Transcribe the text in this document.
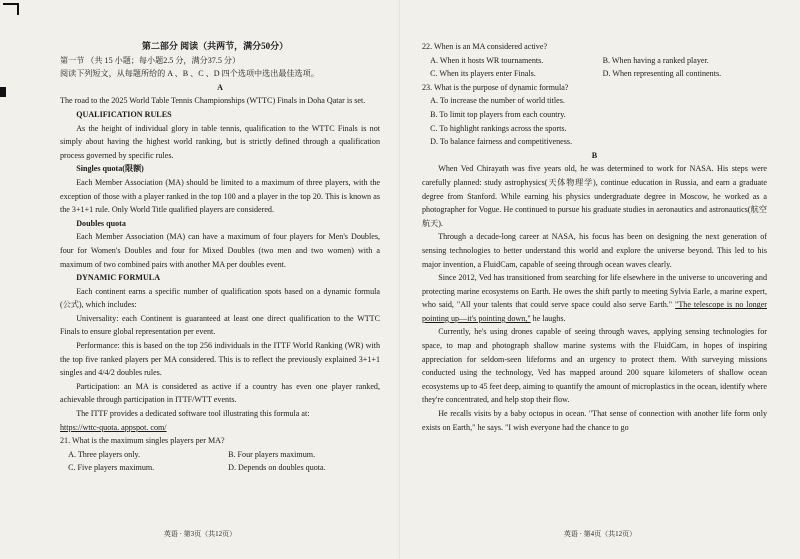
第二部分 阅读（共两节，满分50分）

第一节 （共 15 小题；每小题2.5 分，满分37.5 分）

阅读下列短文，从每题所给的 A 、B 、C 、D 四个选项中选出最佳选项。

A

The road to the 2025 World Table Tennis Championships (WTTC) Finals in Doha Qatar is set.

QUALIFICATION RULES

As the height of individual glory in table tennis, qualification to the WTTC Finals is not simply about having the highest world ranking, but is strictly defined through a qualification process governed by specific rules.

Singles quota(限额)

Each Member Association (MA) should be limited to a maximum of three players, with the exception of those with a player ranked in the top 100 and a player in the top 20. This is known as the 3+1+1 rule. Only World Title qualified players are considered.

Doubles quota

Each Member Association (MA) can have a maximum of four players for Men's Doubles, four for Women's Doubles and four for Mixed Doubles (two men and two women) with a maximum of two combined pairs with another MA per doubles event.

DYNAMIC FORMULA

Each continent earns a specific number of qualification spots based on a dynamic formula (公式), which includes:

Universality: each Continent is guaranteed at least one direct qualification to the WTTC Finals to ensure global representation per event.

Performance: this is based on the top 256 individuals in the ITTF World Ranking (WR) with the top five ranked players per MA considered. This is to reflect the previously explained 3+1+1 singles and 4/4/2 doubles rules.

Participation: an MA is considered as active if a country has even one player ranked, achievable through participation in ITTF/WTT events.

The ITTF provides a dedicated software tool illustrating this formula at:

https://wttc-quota. appspot. com/

21. What is the maximum singles players per MA?

A. Three players only.	B. Four players maximum.
C. Five players maximum.	D. Depends on doubles quota.
英语 · 第3页（共12页）

22. When is an MA considered active?

A. When it hosts WR tournaments.	B. When having a ranked player.
C. When its players enter Finals.	D. When representing all continents.

23. What is the purpose of dynamic formula?

A. To increase the number of world titles.

B. To limit top players from each country.

C. To highlight rankings across the sports.

D. To balance fairness and competitiveness.

B

When Ved Chirayath was five years old, he was determined to work for NASA. His steps were carefully planned: study astrophysics(天体物理学), continue education in Russia, and earn a graduate degree from Stanford. While earning his physics undergraduate degree in Moscow, he worked as a photographer for Vogue. He continued to pursue his graduate studies in aeronautics and astronautics(航空航天).

Through a decade-long career at NASA, his focus has been on designing the next generation of sensing technologies to better understand this world and explore the universe beyond. This led to his major invention, a FluidCam, capable of seeing through ocean waves clearly.

Since 2012, Ved has transitioned from searching for life elsewhere in the universe to uncovering and protecting marine ecosystems on Earth. He owes the shift partly to meeting Sylvia Earle, a marine expert, who said, "All your talents that could serve space could also serve Earth." "The telescope is no longer pointing up—it's pointing down," he laughs.

Currently, he's using drones capable of seeing through waves, applying sensing technologies for space, to map and photograph shallow marine systems with the FluidCam, in hopes of inspiring appreciation for seldom-seen lifeforms and an urgency to protect them. With surveying missions conducted using the technology, Ved has mapped around 200 square kilometers of shallow ocean ecosystems up to 45 feet deep, aiming to quantify the amount of microplastics in the ocean, identify where they're concentrated, and help stop their flow.

He recalls visits by a baby octopus in ocean. "That sense of connection with another life form only exists on Earth," he says. "I wish everyone had the chance to go

英语 · 第4页（共12页）
